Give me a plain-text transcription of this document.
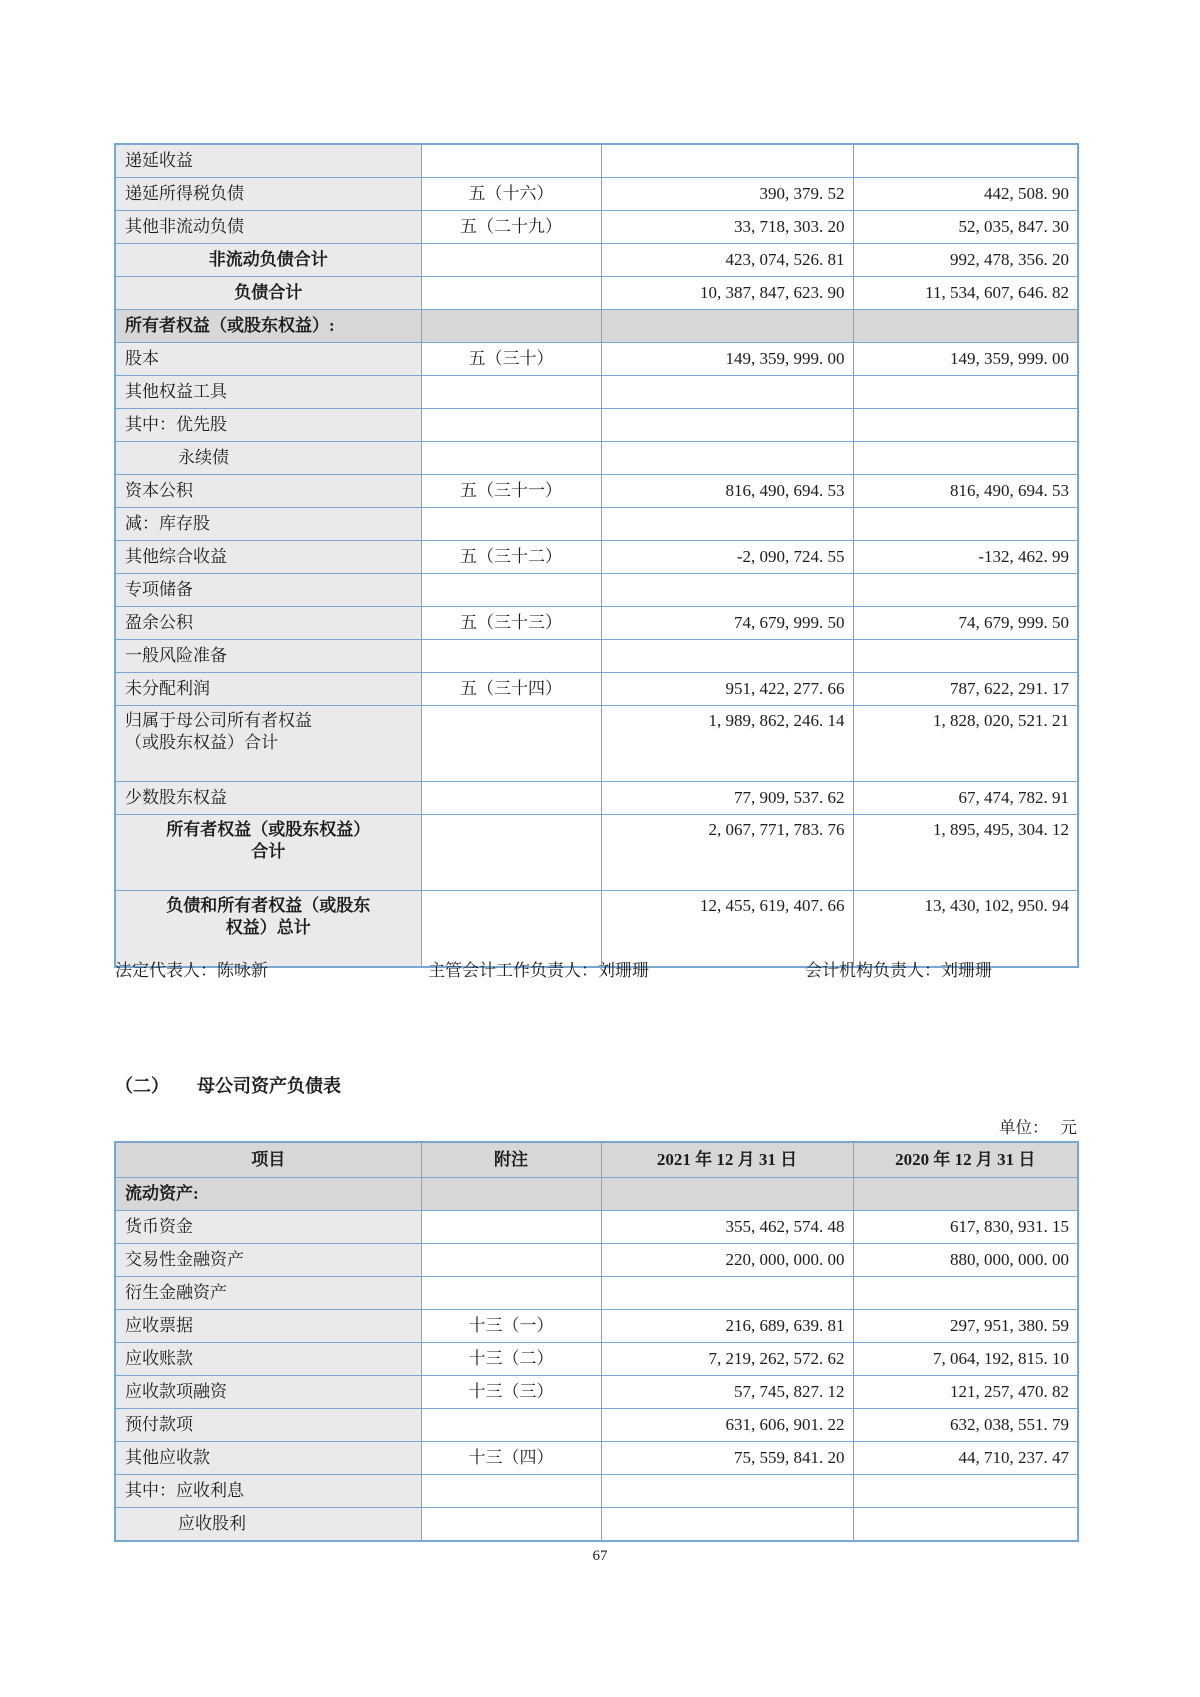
递延收益			
递延所得税负债	五（十六）	390, 379. 52	442, 508. 90
其他非流动负债	五（二十九）	33, 718, 303. 20	52, 035, 847. 30
非流动负债合计		423, 074, 526. 81	992, 478, 356. 20
负债合计		10, 387, 847, 623. 90	11, 534, 607, 646. 82
所有者权益（或股东权益）:			
股本	五（三十）	149, 359, 999. 00	149, 359, 999. 00
其他权益工具			
其中：优先股			
永续债			
资本公积	五（三十一）	816, 490, 694. 53	816, 490, 694. 53
减：库存股			
其他综合收益	五（三十二）	-2, 090, 724. 55	-132, 462. 99
专项储备			
盈余公积	五（三十三）	74, 679, 999. 50	74, 679, 999. 50
一般风险准备			
未分配利润	五（三十四）	951, 422, 277. 66	787, 622, 291. 17

归属于母公司所有者权益
（或股东权益）合计		1, 989, 862, 246. 14	1, 828, 020, 521. 21
少数股东权益		77, 909, 537. 62	67, 474, 782. 91

所有者权益（或股东权益）
合计		2, 067, 771, 783. 76	1, 895, 495, 304. 12

负债和所有者权益（或股东
权益）总计		12, 455, 619, 407. 66	13, 430, 102, 950. 94
法定代表人：陈咏新	主管会计工作负责人：刘珊珊	会计机构负责人：刘珊珊
（二） 母公司资产负债表
单位： 元
项目	附注	2021 年 12 月 31 日	2020 年 12 月 31 日
流动资产:			
货币资金		355, 462, 574. 48	617, 830, 931. 15
交易性金融资产		220, 000, 000. 00	880, 000, 000. 00
衍生金融资产			
应收票据	十三（一）	216, 689, 639. 81	297, 951, 380. 59
应收账款	十三（二）	7, 219, 262, 572. 62	7, 064, 192, 815. 10
应收款项融资	十三（三）	57, 745, 827. 12	121, 257, 470. 82
预付款项		631, 606, 901. 22	632, 038, 551. 79
其他应收款	十三（四）	75, 559, 841. 20	44, 710, 237. 47
其中：应收利息			
应收股利			
67
